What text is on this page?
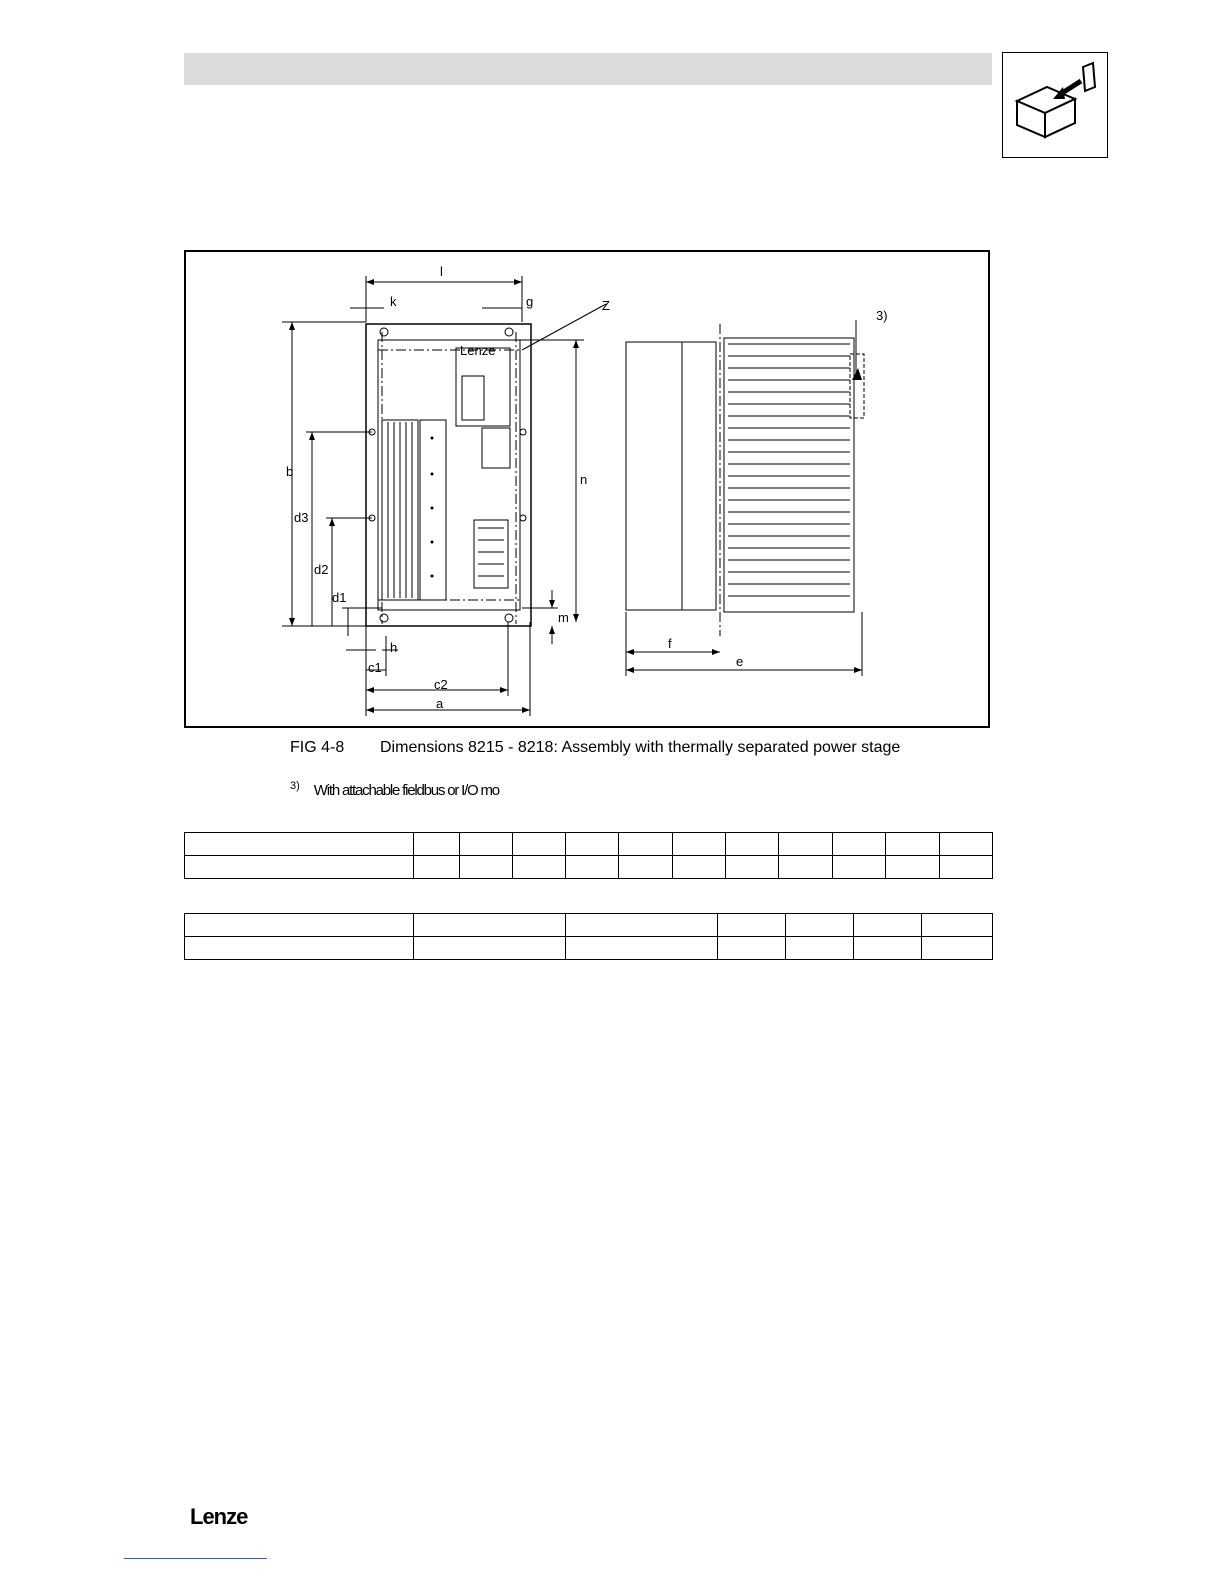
Lenze
l
k	g	Z
3)
b
d3
d2
d1
n
m
h
c1
c2
a
f
e
FIG 4-8 Dimensions 8215 - 8218: Assembly with thermally separated power stage
$^{3)}$ With attachable fieldbus or I/O mo

Lenze
